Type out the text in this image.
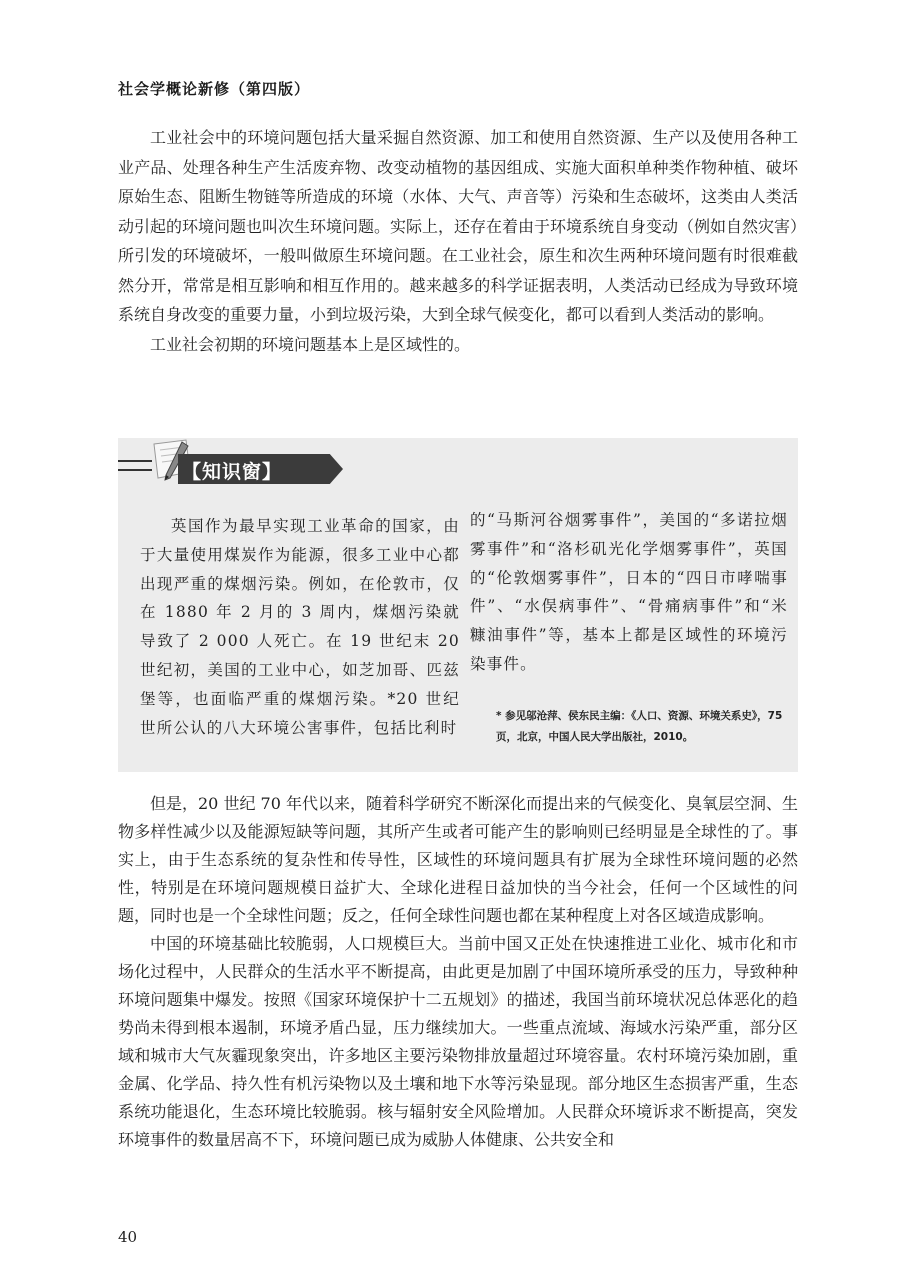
社会学概论新修（第四版）

工业社会中的环境问题包括大量采掘自然资源、加工和使用自然资源、生产以及使用各种工业产品、处理各种生产生活废弃物、改变动植物的基因组成、实施大面积单种类作物种植、破坏原始生态、阻断生物链等所造成的环境（水体、大气、声音等）污染和生态破坏，这类由人类活动引起的环境问题也叫次生环境问题。实际上，还存在着由于环境系统自身变动（例如自然灾害）所引发的环境破坏，一般叫做原生环境问题。在工业社会，原生和次生两种环境问题有时很难截然分开，常常是相互影响和相互作用的。越来越多的科学证据表明，人类活动已经成为导致环境系统自身改变的重要力量，小到垃圾污染，大到全球气候变化，都可以看到人类活动的影响。

工业社会初期的环境问题基本上是区域性的。

【知识窗】

英国作为最早实现工业革命的国家，由于大量使用煤炭作为能源，很多工业中心都出现严重的煤烟污染。例如，在伦敦市，仅在 1880 年 2 月的 3 周内，煤烟污染就导致了 2 000 人死亡。在 19 世纪末 20 世纪初，美国的工业中心，如芝加哥、匹兹堡等，也面临严重的煤烟污染。*20 世纪世所公认的八大环境公害事件，包括比利时

的“马斯河谷烟雾事件”，美国的“多诺拉烟雾事件”和“洛杉矶光化学烟雾事件”，英国的“伦敦烟雾事件”，日本的“四日市哮喘事件”、“水俣病事件”、“骨痛病事件”和“米糠油事件”等，基本上都是区域性的环境污染事件。

* 参见邬沧萍、侯东民主编：《人口、资源、环境关系史》，75 页，北京，中国人民大学出版社，2010。

但是，20 世纪 70 年代以来，随着科学研究不断深化而提出来的气候变化、臭氧层空洞、生物多样性减少以及能源短缺等问题，其所产生或者可能产生的影响则已经明显是全球性的了。事实上，由于生态系统的复杂性和传导性，区域性的环境问题具有扩展为全球性环境问题的必然性，特别是在环境问题规模日益扩大、全球化进程日益加快的当今社会，任何一个区域性的问题，同时也是一个全球性问题；反之，任何全球性问题也都在某种程度上对各区域造成影响。

中国的环境基础比较脆弱，人口规模巨大。当前中国又正处在快速推进工业化、城市化和市场化过程中，人民群众的生活水平不断提高，由此更是加剧了中国环境所承受的压力，导致种种环境问题集中爆发。按照《国家环境保护十二五规划》的描述，我国当前环境状况总体恶化的趋势尚未得到根本遏制，环境矛盾凸显，压力继续加大。一些重点流域、海域水污染严重，部分区域和城市大气灰霾现象突出，许多地区主要污染物排放量超过环境容量。农村环境污染加剧，重金属、化学品、持久性有机污染物以及土壤和地下水等污染显现。部分地区生态损害严重，生态系统功能退化，生态环境比较脆弱。核与辐射安全风险增加。人民群众环境诉求不断提高，突发环境事件的数量居高不下，环境问题已成为威胁人体健康、公共安全和

40
